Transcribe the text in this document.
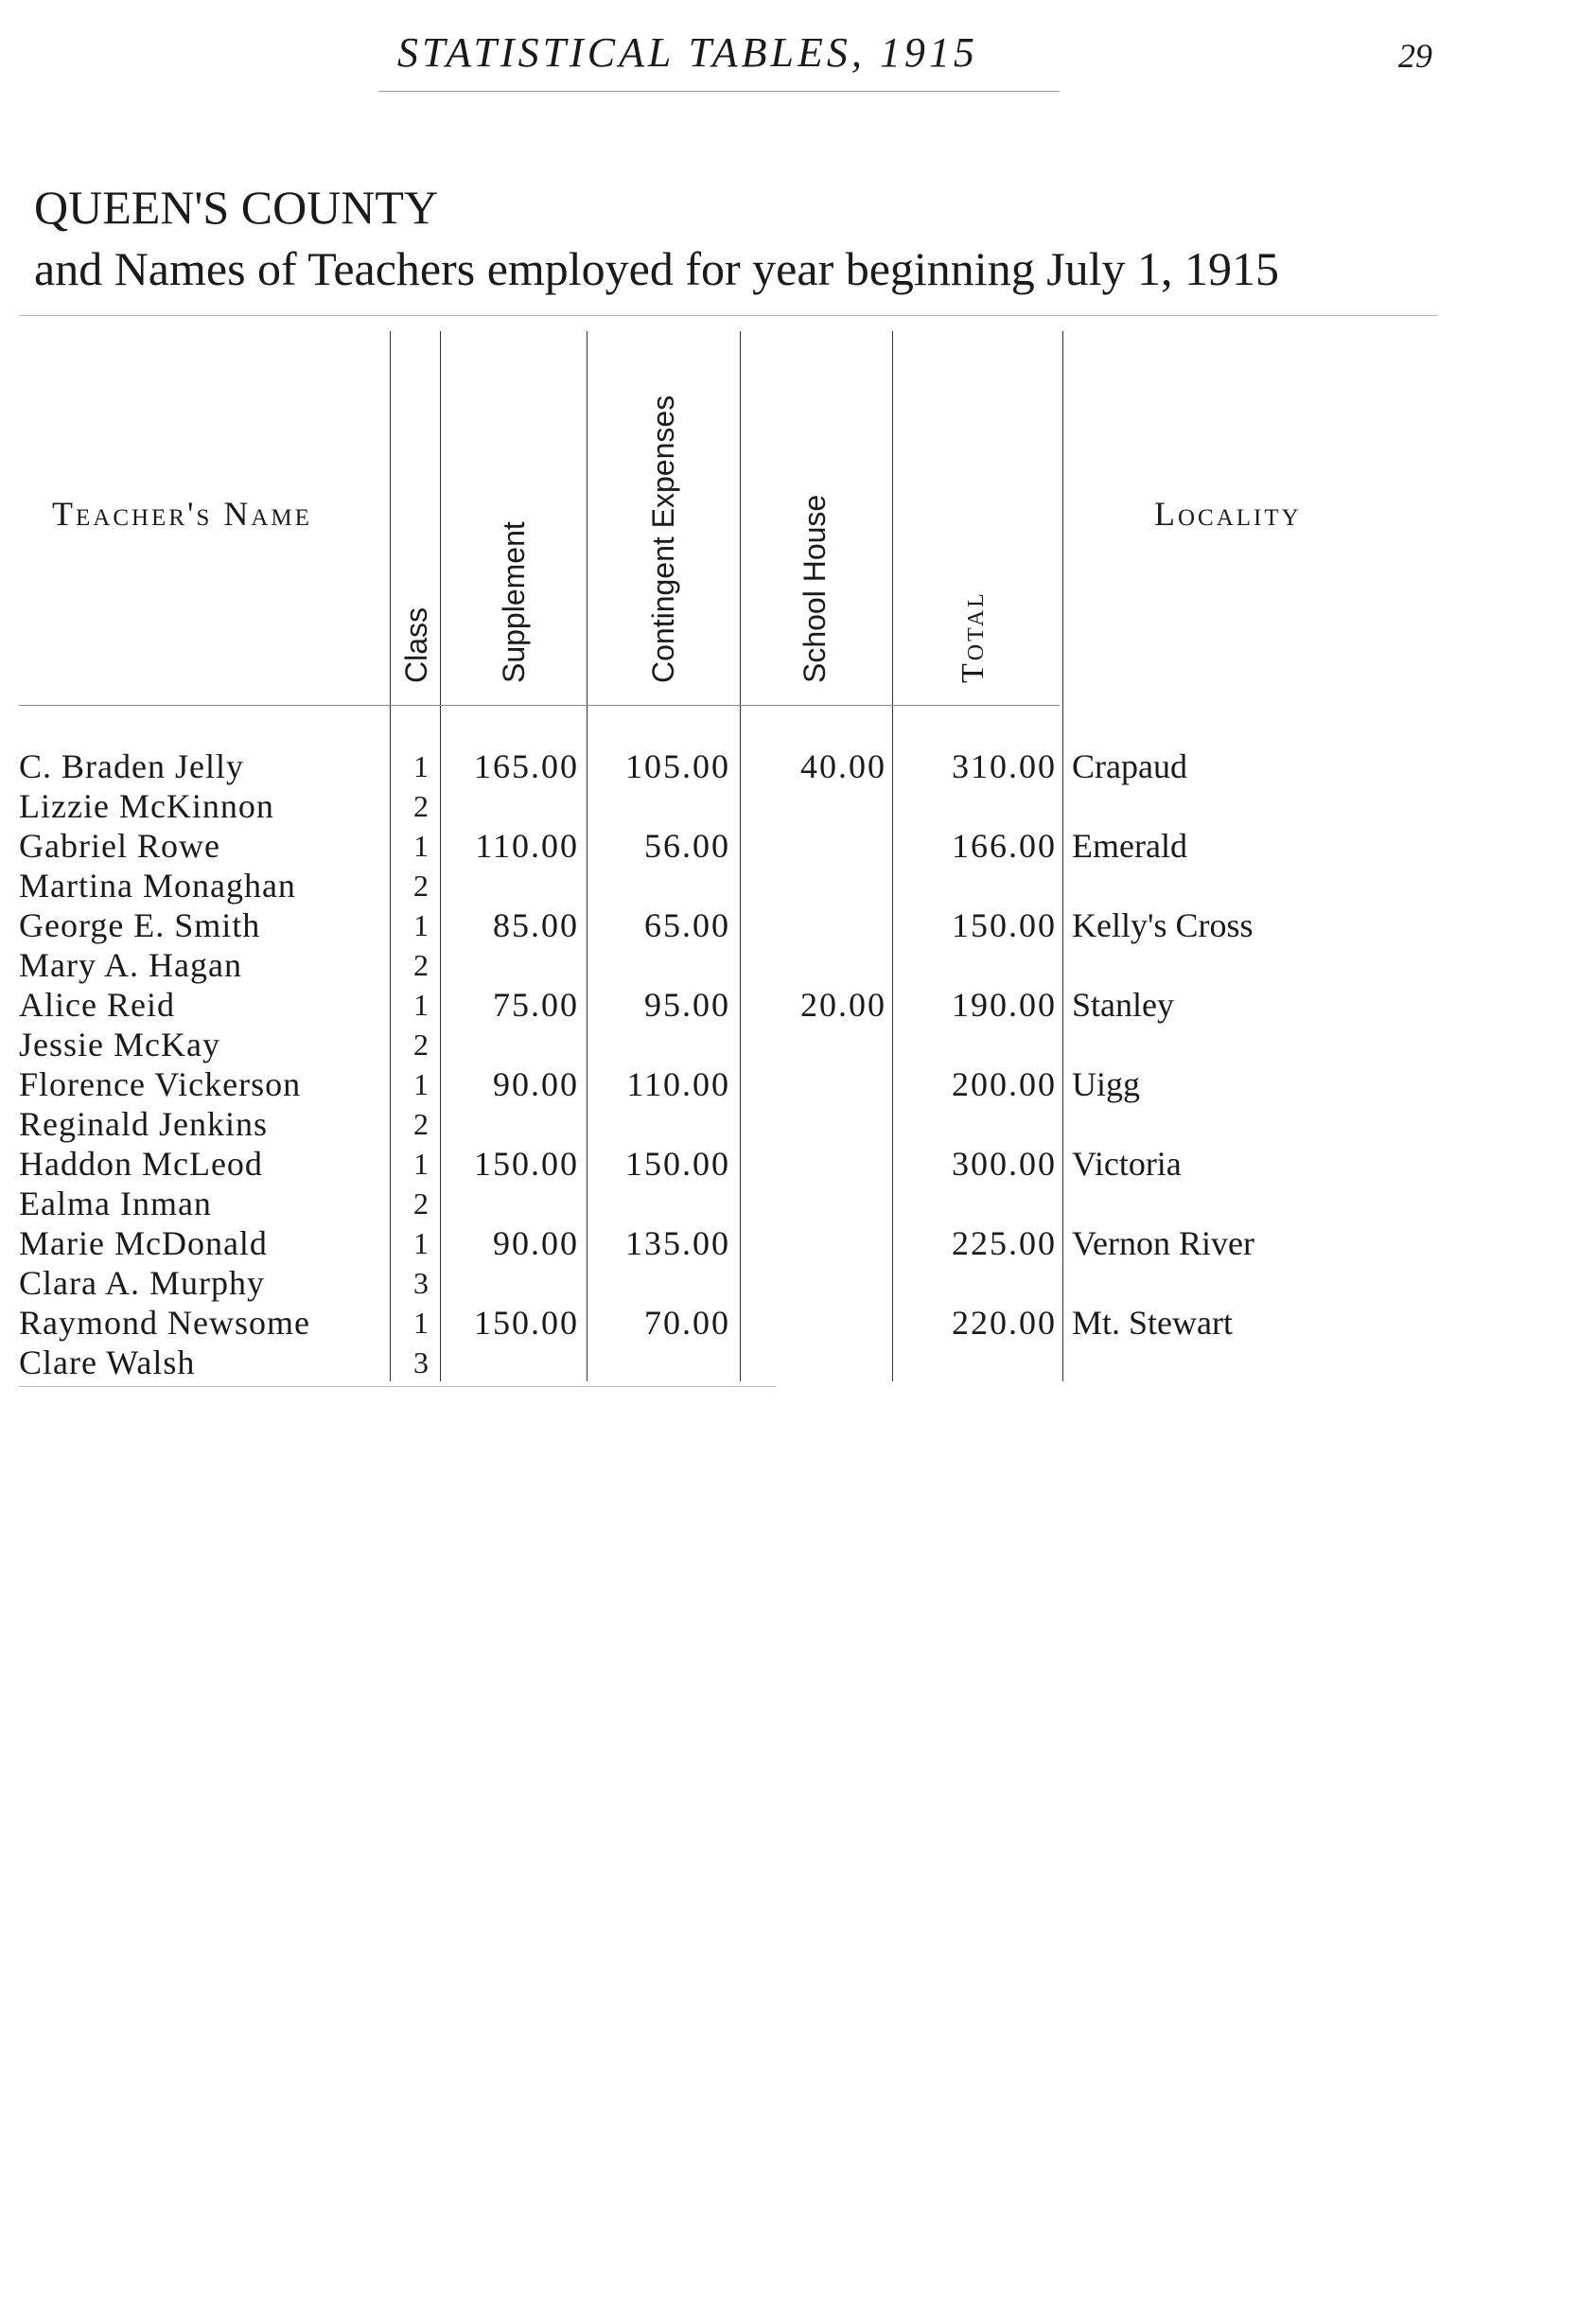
STATISTICAL TABLES, 1915	29
QUEEN'S COUNTY
and Names of Teachers employed for year beginning July 1, 1915
Teacher's Name
Class Supplement	Contingent Expenses	School House	Total
Locality
C. Braden Jelly	1 165.00 105.00 40.00 310.00 Crapaud
Lizzie McKinnon	2
Gabriel Rowe	1 110.00 56.00	166.00 Emerald
Martina Monaghan	2
George E. Smith	1 85.00 65.00	150.00 Kelly's Cross
Mary A. Hagan	2
Alice Reid	1 75.00 95.00 20.00 190.00 Stanley
Jessie McKay	2
Florence Vickerson	1 90.00 110.00	200.00 Uigg
Reginald Jenkins	2
Haddon McLeod	1 150.00 150.00	300.00 Victoria
Ealma Inman	2
Marie McDonald	1 90.00 135.00	225.00 Vernon River
Clara A. Murphy	3
Raymond Newsome	1 150.00 70.00	220.00 Mt. Stewart
Clare Walsh	3
